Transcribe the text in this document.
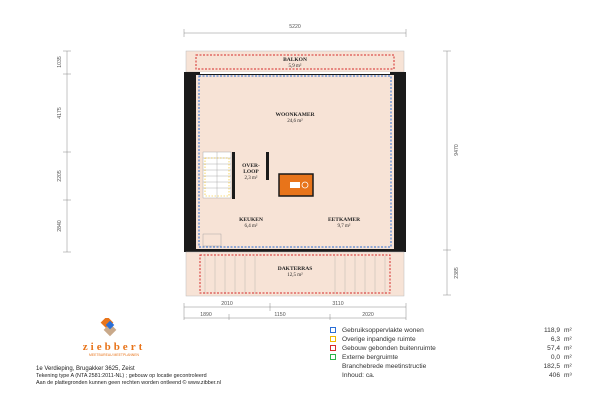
5220
1035
4175
2205
2840
9470
2385
2010	3110
1890	1150	2020
BALKON
5,9 m²
WOONKAMER
24,6 m²
OVER-
LOOP
2,3 m²
KEUKEN
6,4 m²
EETKAMER
9,7 m²
DAKTERRAS
12,5 m²
ziebbert
MEETBUREAU MEETPLANNEN
1e Verdieping, Brugakker 3625, Zeist
Tekening type A (NTA 2581:2011-NL) ; gebouw op locatie gecontroleerd
Aan de plattegronden kunnen geen rechten worden ontleend © www.zibber.nl
Gebruiksoppervlakte wonen	118,9 m²
Overige inpandige ruimte	6,3 m²
Gebouw gebonden buitenruimte	57,4 m²
Externe bergruimte	0,0 m²
Branchebrede meetinstructie	182,5 m²
Inhoud: ca.	406 m³
